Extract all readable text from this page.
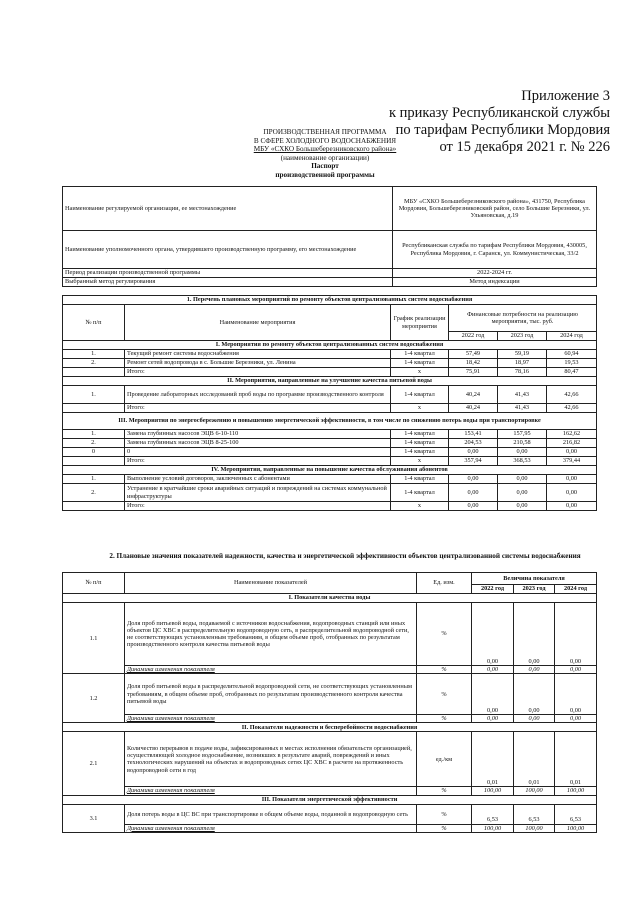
Приложение 3
к приказу Республиканской службы
по тарифам Республики Мордовия
от 15 декабря 2021 г. № 226
ПРОИЗВОДСТВЕННАЯ ПРОГРАММА
В СФЕРЕ ХОЛОДНОГО ВОДОСНАБЖЕНИЯ
МБУ «СХКО Большеберезниковского района»
(наименование организации)
Паспорт
производственной программы
Наименование регулируемой организации, ее местонахождение	МБУ «СХКО Большеберезниковского района», 431750, Республика Мордовия, Большеберезниковский район, село Большие Березники, ул. Ульяновская, д.19
Наименование уполномоченного органа, утвердившего производственную программу, его местонахождение	Республиканская служба по тарифам Республики Мордовия, 430005, Республика Мордовия, г. Саранск, ул. Коммунистическая, 33/2
Период реализации производственной программы	2022-2024 гг.
Выбранный метод регулирования	Метод индексации
1. Перечень плановых мероприятий по ремонту объектов централизованных систем водоснабжения					
№ п/п	Наименование мероприятия	График реализации мероприятия	Финансовые потребности на реализацию мероприятия, тыс. руб.		
			2022 год	2023 год	2024 год
I. Мероприятия по ремонту объектов централизованных систем водоснабжения					
1.	Текущий ремонт системы водоснабжения	1-4 квартал	57,49	59,19	60,94
2.	Ремонт сетей водопровода в с. Большие Березники, ул. Ленина	1-4 квартал	18,42	18,97	19,53
	Итого:	х	75,91	78,16	80,47
II. Мероприятия, направленные на улучшение качества питьевой воды					
1.	Проведение лабораторных исследований проб воды по программе производственного контроля	1-4 квартал	40,24	41,43	42,66
	Итого:	х	40,24	41,43	42,66
III. Мероприятия по энергосбережению и повышению энергетической эффективности, в том числе по снижению потерь воды при транспортировке					
1.	Замена глубинных насосов ЭЦВ 6-10-110	1-4 квартал	153,41	157,95	162,62
2.	Замена глубинных насосов ЭЦВ 8-25-100	1-4 квартал	204,53	210,58	216,82
0	0	1-4 квартал	0,00	0,00	0,00
	Итого:	х	357,94	368,53	379,44
IV. Мероприятия, направленные на повышение качества обслуживания абонентов					
1.	Выполнение условий договоров, заключенных с абонентами	1-4 квартал	0,00	0,00	0,00
2.	Устранение в кратчайшие сроки аварийных ситуаций и повреждений на системах коммунальной инфраструктуры	1-4 квартал	0,00	0,00	0,00
	Итого:	х	0,00	0,00	0,00
2. Плановые значения показателей надежности, качества и энергетической эффективности объектов централизованной системы водоснабжения
№ п/п	Наименование показателей	Ед. изм.	Величина показателя		
			2022 год	2023 год	2024 год
I. Показатели качества воды					
1.1	Доля проб питьевой воды, подаваемой с источников водоснабжения, водопроводных станций или иных объектов ЦС ХВС в распределительную водопроводную сеть, в распределительной водопроводной сети, не соответствующих установленным требованиям, в общем объеме проб, отобранных по результатам производственного контроля качества питьевой воды	%	0,00	0,00	0,00
	Динамика изменения показателя	%	0,00	0,00	0,00
1.2	Доля проб питьевой воды в распределительной водопроводной сети, не соответствующих установленным требованиям, в общем объеме проб, отобранных по результатам производственного контроля качества питьевой воды	%	0,00	0,00	0,00
	Динамика изменения показателя	%	0,00	0,00	0,00
II. Показатели надежности и бесперебойности водоснабжения					
2.1	Количество перерывов в подаче воды, зафиксированных в местах исполнения обязательств организацией, осуществляющей холодное водоснабжение, возникших в результате аварий, повреждений и иных технологических нарушений на объектах и водопроводных сетях ЦС ХВС в расчете на протяженность водопроводной сети в год	ед./км	0,01	0,01	0,01
	Динамика изменения показателя	%	100,00	100,00	100,00
III. Показатели энергетической эффективности					
3.1	Доля потерь воды в ЦС ВС при транспортировке в общем объеме воды, поданной в водопроводную сеть	%	6,53	6,53	6,53
	Динамика изменения показателя	%	100,00	100,00	100,00
